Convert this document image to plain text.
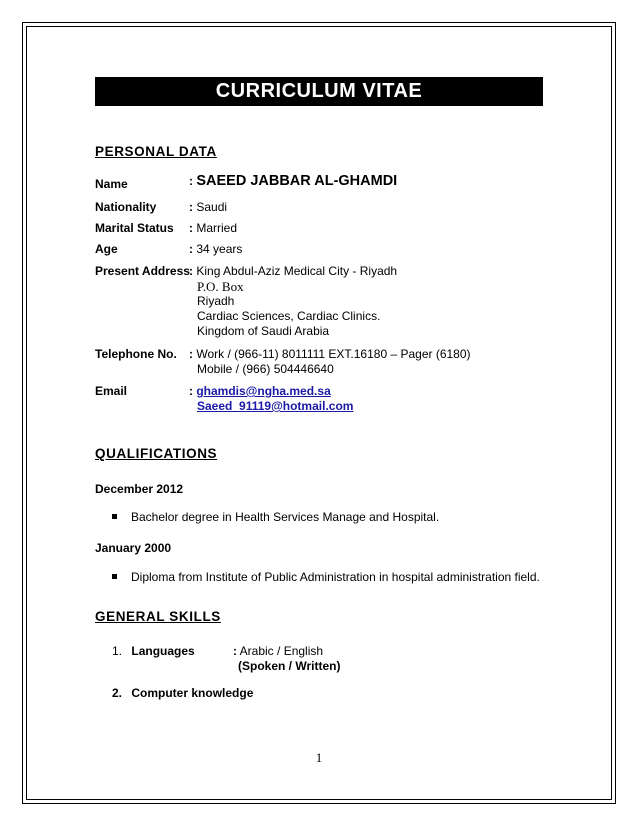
CURRICULUM VITAE
PERSONAL DATA
Name	: SAEED JABBAR AL-GHAMDI
Nationality	: Saudi
Marital Status : Married
Age	: 34 years
Present Address : King Abdul-Aziz Medical City - Riyadh
P.O. Box
Riyadh
Cardiac Sciences, Cardiac Clinics.
Kingdom of Saudi Arabia
Telephone No. : Work / (966-11) 8011111 EXT.16180 – Pager (6180)
Mobile / (966) 504446640
Email	: ghamdis@ngha.med.sa
Saeed_91119@hotmail.com
QUALIFICATIONS
December 2012
Bachelor degree in Health Services Manage and Hospital.
January 2000
Diploma from Institute of Public Administration in hospital administration field.
GENERAL SKILLS
1. Languages	: Arabic / English
(Spoken / Written)
2. Computer knowledge
1
